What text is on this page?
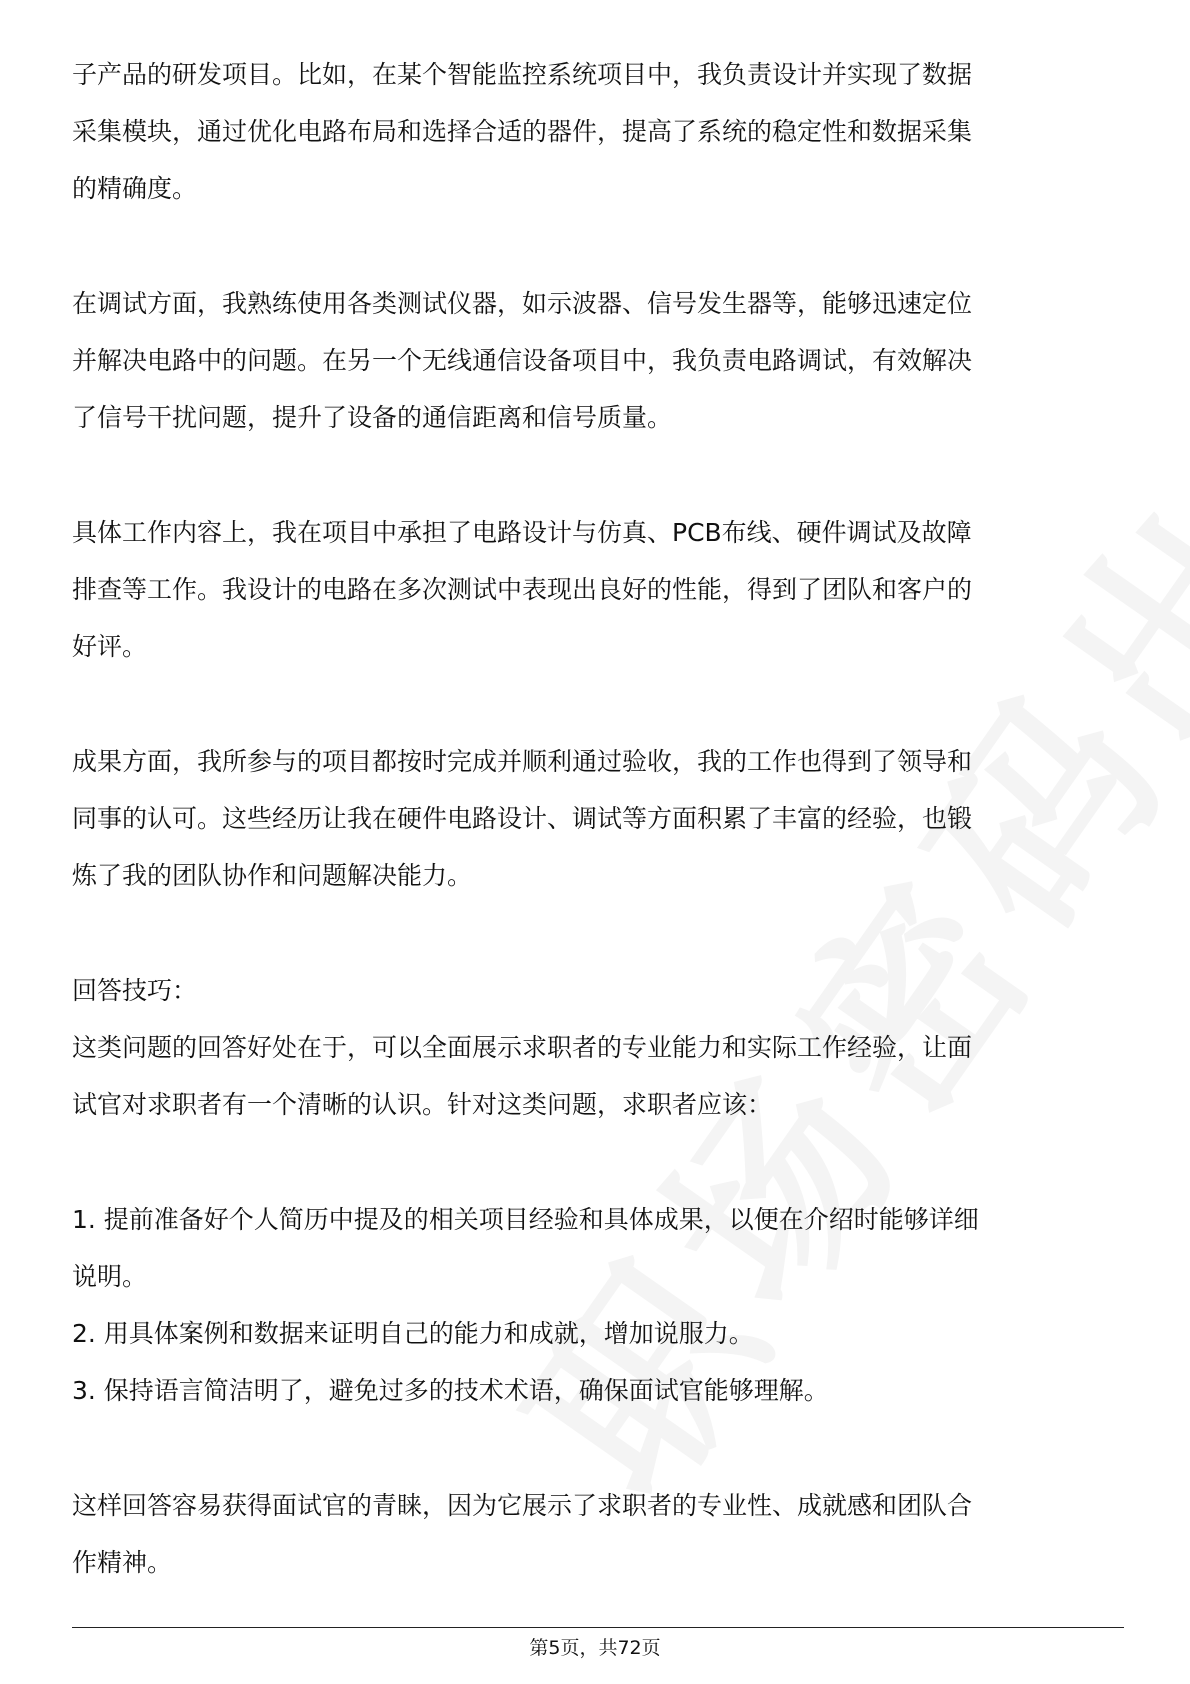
子产品的研发项目。比如，在某个智能监控系统项目中，我负责设计并实现了数据

采集模块，通过优化电路布局和选择合适的器件，提高了系统的稳定性和数据采集

的精确度。

在调试方面，我熟练使用各类测试仪器，如示波器、信号发生器等，能够迅速定位

并解决电路中的问题。在另一个无线通信设备项目中，我负责电路调试，有效解决

了信号干扰问题，提升了设备的通信距离和信号质量。

具体工作内容上，我在项目中承担了电路设计与仿真、PCB布线、硬件调试及故障

排查等工作。我设计的电路在多次测试中表现出良好的性能，得到了团队和客户的

好评。

成果方面，我所参与的项目都按时完成并顺利通过验收，我的工作也得到了领导和

同事的认可。这些经历让我在硬件电路设计、调试等方面积累了丰富的经验，也锻

炼了我的团队协作和问题解决能力。

回答技巧：

这类问题的回答好处在于，可以全面展示求职者的专业能力和实际工作经验，让面

试官对求职者有一个清晰的认识。针对这类问题，求职者应该：

1. 提前准备好个人简历中提及的相关项目经验和具体成果，以便在介绍时能够详细

说明。

2. 用具体案例和数据来证明自己的能力和成就，增加说服力。

3. 保持语言简洁明了，避免过多的技术术语，确保面试官能够理解。

这样回答容易获得面试官的青睐，因为它展示了求职者的专业性、成就感和团队合

作精神。

第5页，共72页
